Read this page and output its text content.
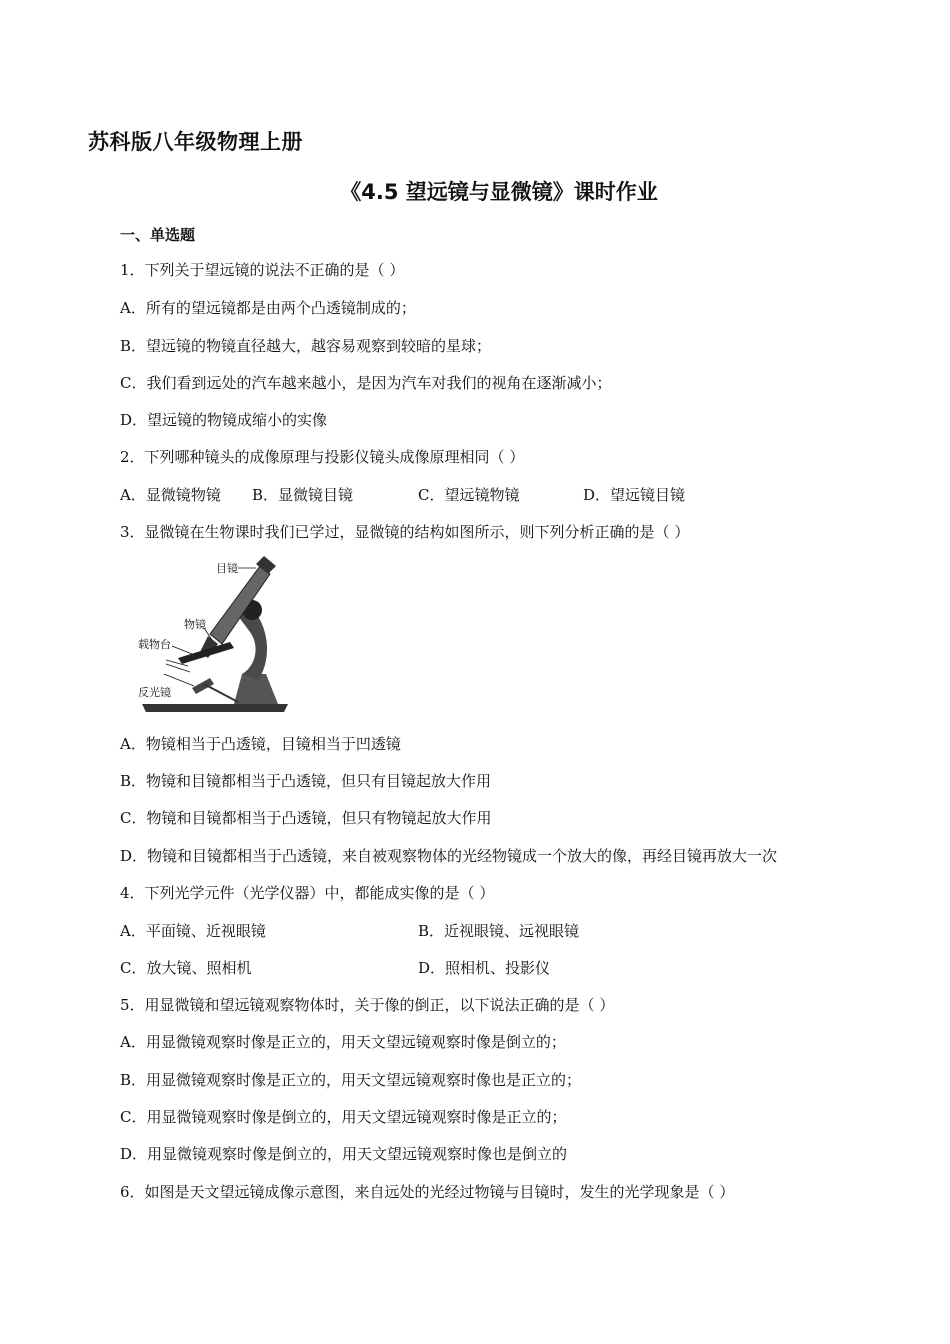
苏科版八年级物理上册
《4.5 望远镜与显微镜》课时作业
一、单选题
1．下列关于望远镜的说法不正确的是（ ）
A．所有的望远镜都是由两个凸透镜制成的；
B．望远镜的物镜直径越大，越容易观察到较暗的星球；
C．我们看到远处的汽车越来越小，是因为汽车对我们的视角在逐渐减小；
D．望远镜的物镜成缩小的实像
2．下列哪种镜头的成像原理与投影仪镜头成像原理相同（ ）
A．显微镜物镜 B．显微镜目镜	C．望远镜物镜	D．望远镜目镜
3．显微镜在生物课时我们已学过，显微镜的结构如图所示，则下列分析正确的是（ ）
目镜
物镜
载物台
反光镜
A．物镜相当于凸透镜，目镜相当于凹透镜
B．物镜和目镜都相当于凸透镜，但只有目镜起放大作用
C．物镜和目镜都相当于凸透镜，但只有物镜起放大作用
D．物镜和目镜都相当于凸透镜，来自被观察物体的光经物镜成一个放大的像，再经目镜再放大一次
4．下列光学元件（光学仪器）中，都能成实像的是（ ）
A．平面镜、近视眼镜	B．近视眼镜、远视眼镜
C．放大镜、照相机	D．照相机、投影仪
5．用显微镜和望远镜观察物体时，关于像的倒正，以下说法正确的是（ ）
A．用显微镜观察时像是正立的，用天文望远镜观察时像是倒立的；
B．用显微镜观察时像是正立的，用天文望远镜观察时像也是正立的；
C．用显微镜观察时像是倒立的，用天文望远镜观察时像是正立的；
D．用显微镜观察时像是倒立的，用天文望远镜观察时像也是倒立的
6．如图是天文望远镜成像示意图，来自远处的光经过物镜与目镜时，发生的光学现象是（ ）
